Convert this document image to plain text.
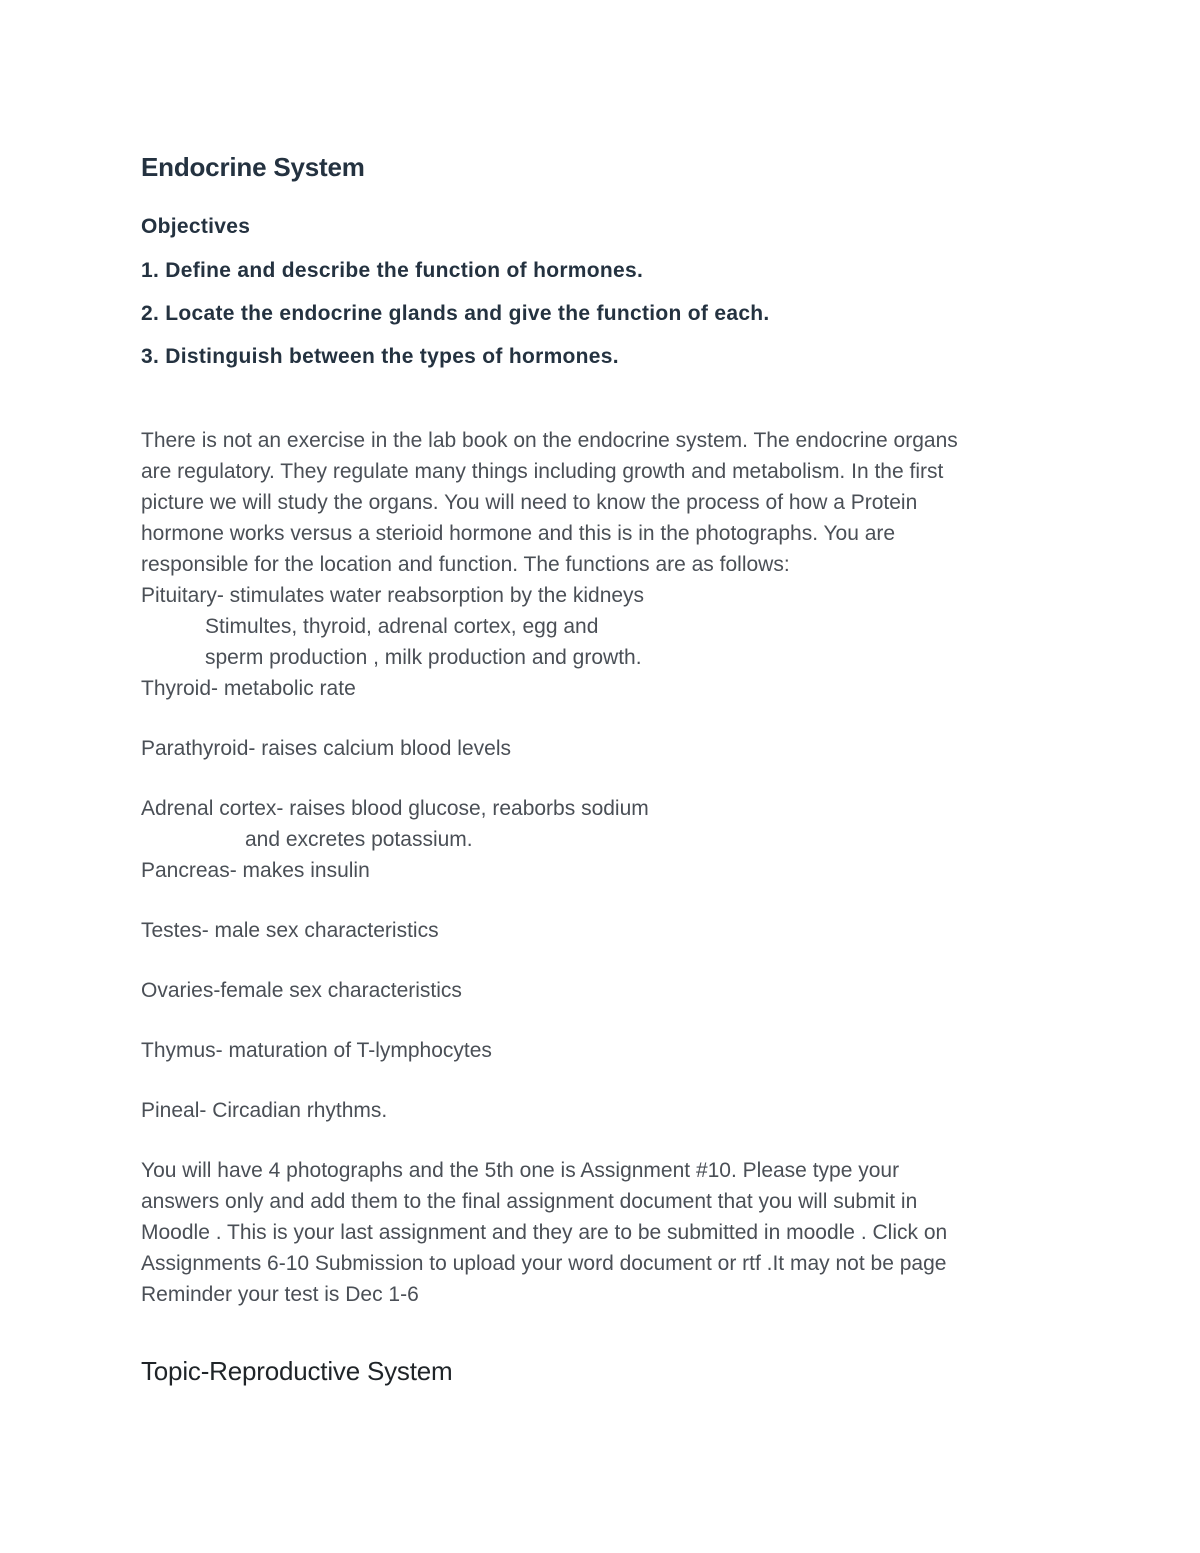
Endocrine System
Objectives
1. Define and describe the function of hormones.
2. Locate the endocrine glands and give the function of each.
3. Distinguish between the types of hormones.
There is not an exercise in the lab book on the endocrine system. The endocrine organs
are regulatory. They regulate many things including growth and metabolism. In the first
picture we will study the organs. You will need to know the process of how a Protein
hormone works versus a sterioid hormone and this is in the photographs. You are
responsible for the location and function. The functions are as follows:
Pituitary- stimulates water reabsorption by the kidneys
Stimultes, thyroid, adrenal cortex, egg and
sperm production , milk production and growth.
Thyroid- metabolic rate
Parathyroid- raises calcium blood levels
Adrenal cortex- raises blood glucose, reaborbs sodium
and excretes potassium.
Pancreas- makes insulin
Testes- male sex characteristics
Ovaries-female sex characteristics
Thymus- maturation of T-lymphocytes
Pineal- Circadian rhythms.
You will have 4 photographs and the 5th one is Assignment #10. Please type your
answers only and add them to the final assignment document that you will submit in
Moodle . This is your last assignment and they are to be submitted in moodle . Click on
Assignments 6-10 Submission to upload your word document or rtf .It may not be page
Reminder your test is Dec 1-6
Topic-Reproductive System
